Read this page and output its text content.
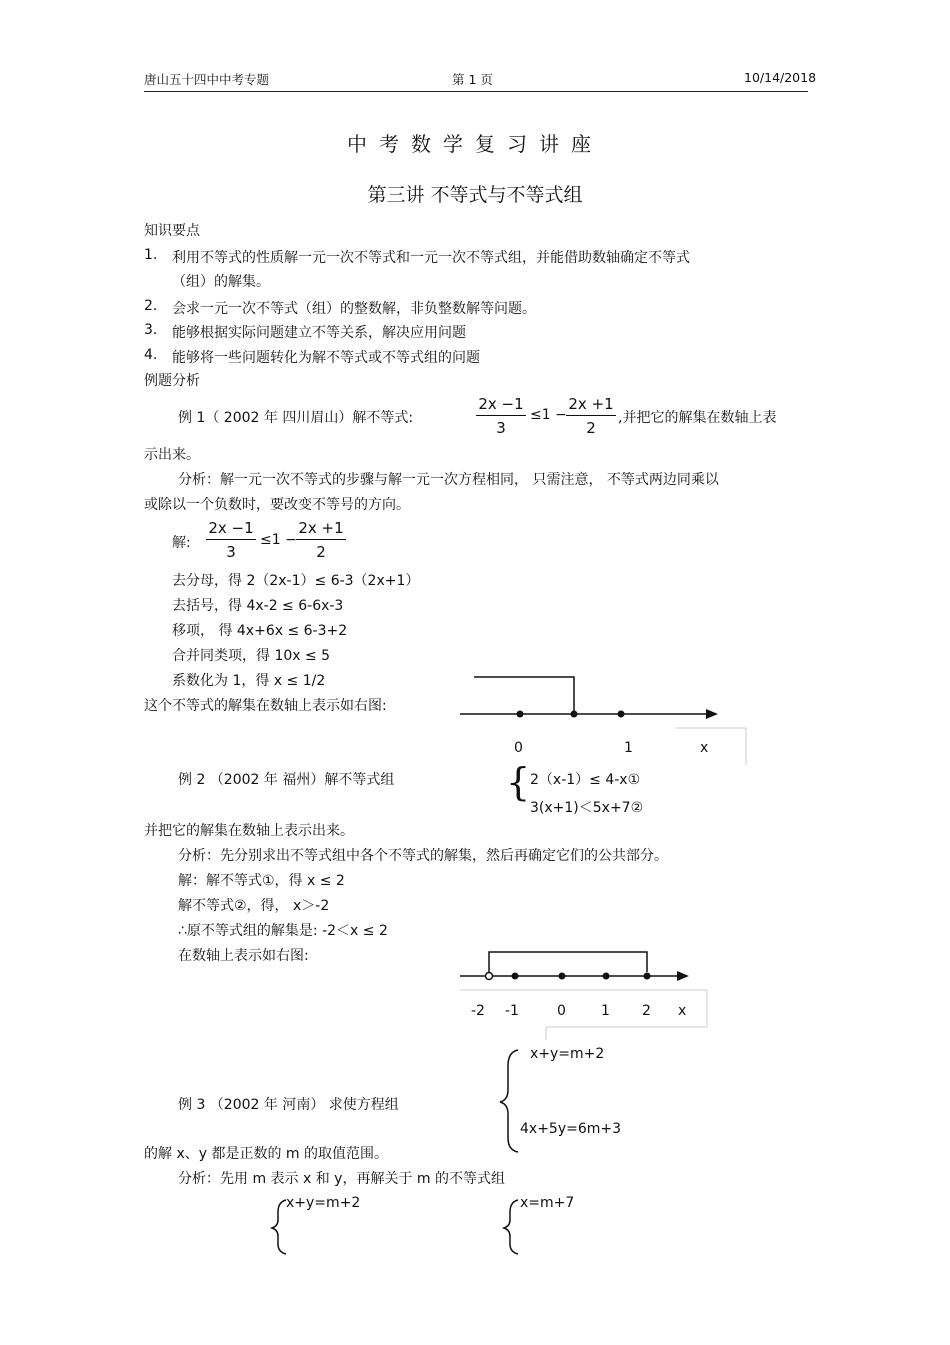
唐山五十四中中考专题	第 1 页	10/14/2018
中考数学复习讲座
第三讲 不等式与不等式组
知识要点
1. 利用不等式的性质解一元一次不等式和一元一次不等式组，并能借助数轴确定不等式
（组）的解集。
2. 会求一元一次不等式（组）的整数解，非负整数解等问题。
3. 能够根据实际问题建立不等关系，解决应用问题
4. 能够将一些问题转化为解不等式或不等式组的问题
例题分析
例 1（ 2002 年 四川眉山）解不等式:
2x −1
3
≤1 −
2x +1
2
,并把它的解集在数轴上表
示出来。
分析：解一元一次不等式的步骤与解一元一次方程相同， 只需注意， 不等式两边同乘以
或除以一个负数时，要改变不等号的方向。
解:
2x −1
3
≤1 −
2x +1
2
去分母，得 2（2x-1）≤ 6-3（2x+1）
去括号，得 4x-2 ≤ 6-6x-3
移项， 得 4x+6x ≤ 6-3+2
合并同类项，得 10x ≤ 5
系数化为 1，得 x ≤ 1/2
这个不等式的解集在数轴上表示如右图:
0	1	x
例 2 （2002 年 福州）解不等式组	{ 2（x-1）≤ 4-x①
3(x+1)＜5x+7②
并把它的解集在数轴上表示出来。
分析：先分别求出不等式组中各个不等式的解集，然后再确定它们的公共部分。
解：解不等式①，得 x ≤ 2
解不等式②，得， x＞-2
∴原不等式组的解集是: -2＜x ≤ 2
在数轴上表示如右图:
-2 -1	0	1 2 x
x+y=m+2
例 3 （2002 年 河南） 求使方程组
4x+5y=6m+3
的解 x、y 都是正数的 m 的取值范围。
分析：先用 m 表示 x 和 y，再解关于 m 的不等式组
x+y=m+2	x=m+7
